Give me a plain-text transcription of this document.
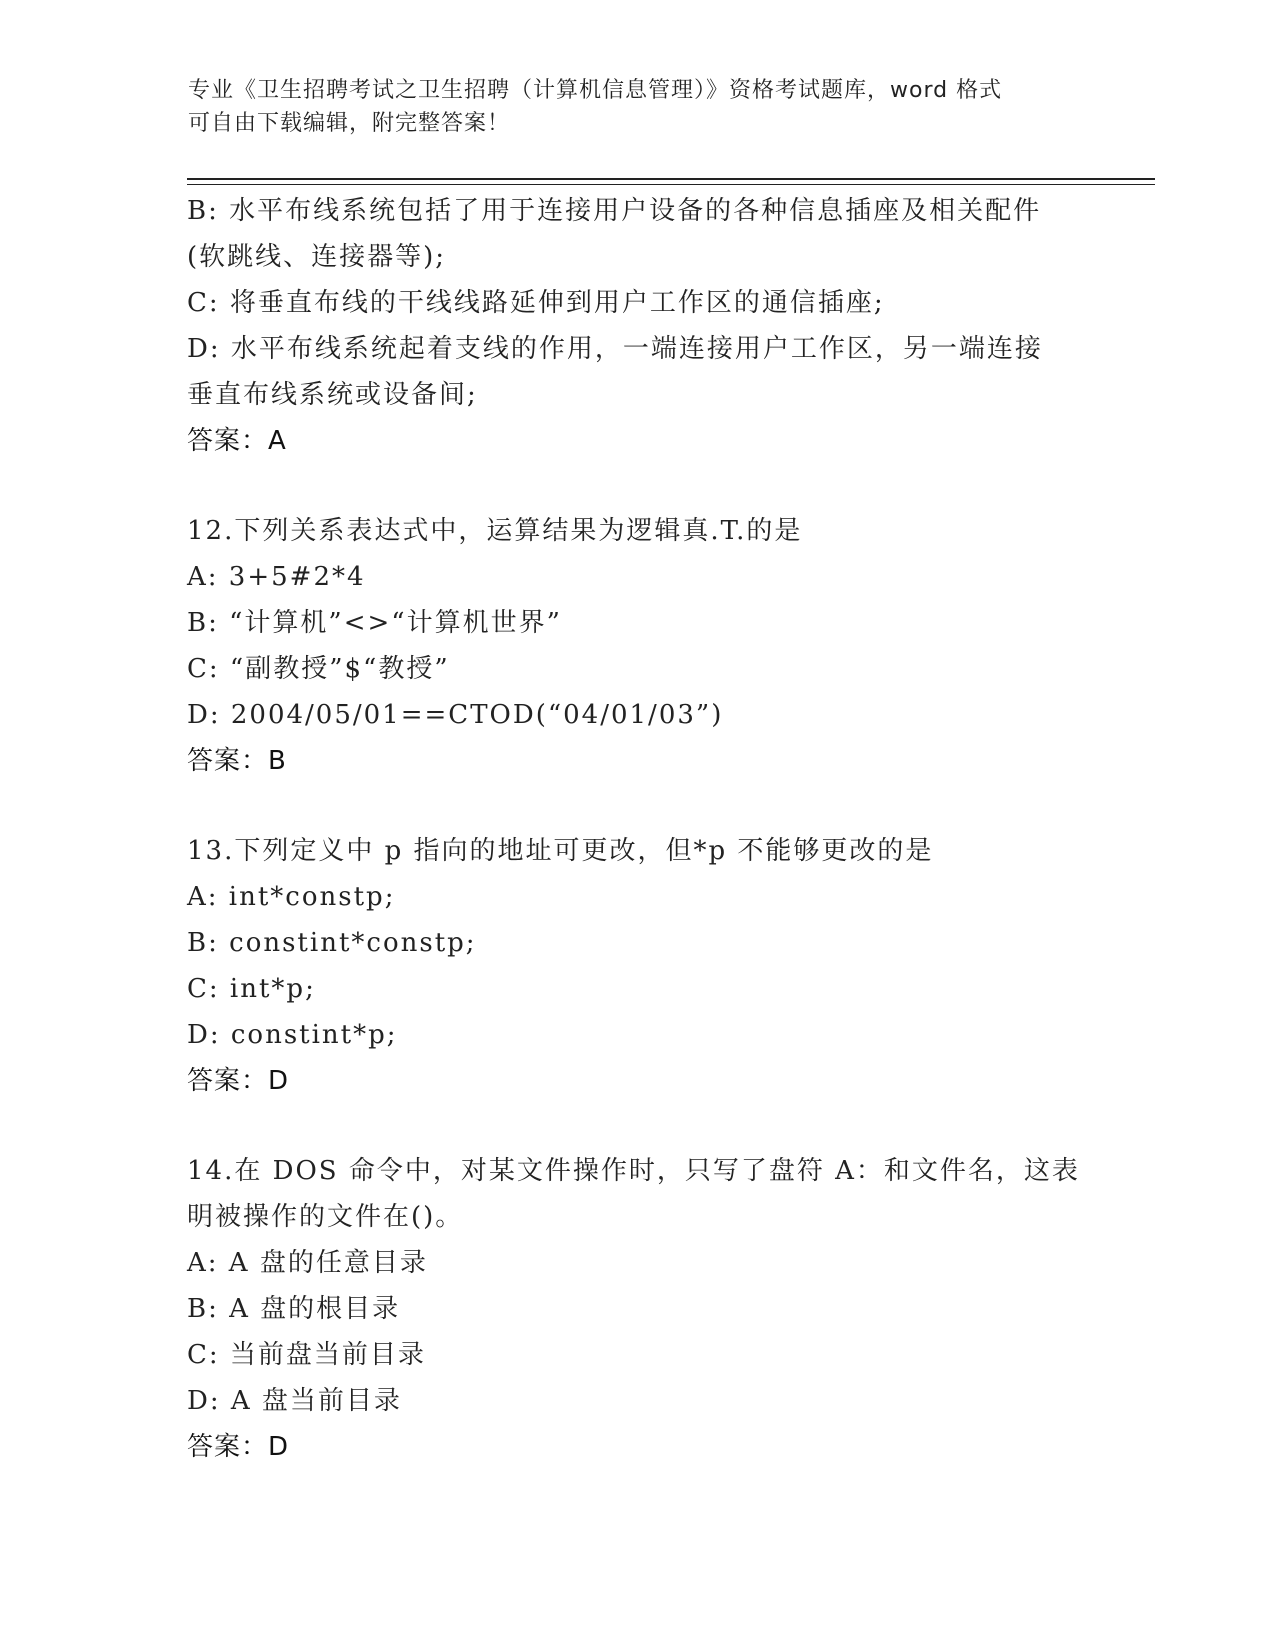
专业《卫生招聘考试之卫生招聘（计算机信息管理）》资格考试题库，word 格式
可自由下载编辑，附完整答案！
B: 水平布线系统包括了用于连接用户设备的各种信息插座及相关配件
(软跳线、连接器等);
C: 将垂直布线的干线线路延伸到用户工作区的通信插座;
D: 水平布线系统起着支线的作用，一端连接用户工作区，另一端连接
垂直布线系统或设备间;
答案：A
12.下列关系表达式中，运算结果为逻辑真.T.的是
A: 3+5#2*4
B: “计算机”<>“计算机世界”
C: “副教授”$“教授”
D: 2004/05/01==CTOD(“04/01/03”)
答案：B
13.下列定义中 p 指向的地址可更改，但*p 不能够更改的是
A: int*constp;
B: constint*constp;
C: int*p;
D: constint*p;
答案：D
14.在 DOS 命令中，对某文件操作时，只写了盘符 A：和文件名，这表
明被操作的文件在()。
A: A 盘的任意目录
B: A 盘的根目录
C: 当前盘当前目录
D: A 盘当前目录
答案：D
